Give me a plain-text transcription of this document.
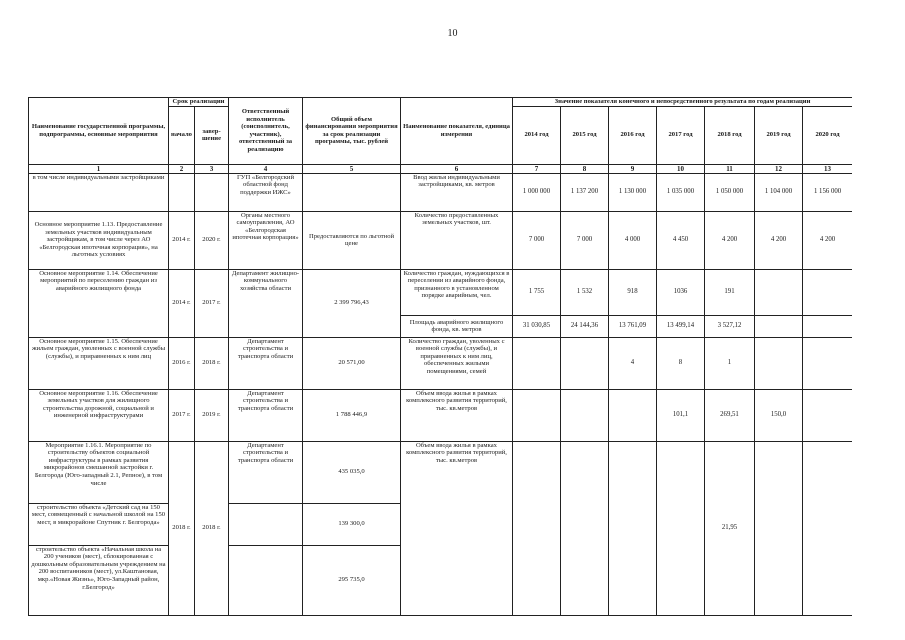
10
Наименование государственной программы, подпрограммы, основные мероприятия	Срок реализации		Ответственный исполнитель (соисполнитель, участник), ответственный за реализацию	Общий объем финансирования мероприятия за срок реализации программы, тыс. рублей	Наименование показателя, единица измерения	Значение показателя конечного и непосредственного результата по годам реализации						
	начало	завер-шение				2014 год	2015 год	2016 год	2017 год	2018 год	2019 год	2020 год
1	2	3	4	5	6	7	8	9	10	11	12	13
в том числе индивидуальными застройщиками			ГУП «Белгородский областной фонд поддержки ИЖС»		Ввод жилья индивидуальными застройщиками, кв. метров	1 000 000	1 137 200	1 130 000	1 035 000	1 050 000	1 104 000	1 156 000
Основное мероприятие 1.13. Предоставление земельных участков индивидуальным застройщикам, в том числе через АО «Белгородская ипотечная корпорация», на льготных условиях	2014 г.	2020 г.	Органы местного самоуправления, АО «Белгородская ипотечная корпорация»	Предоставляются по льготной цене	Количество предоставленных земельных участков, шт.	7 000	7 000	4 000	4 450	4 200	4 200	4 200
Основное мероприятие 1.14. Обеспечение мероприятий по переселению граждан из аварийного жилищного фонда	2014 г.	2017 г.	Департамент жилищно-коммунального хозяйства области	2 399 796,43	Количество граждан, нуждающихся в переселении из аварийного фонда, признанного в установленном порядке аварийным, чел.	1 755	1 532	918	1036	191		
					Площадь аварийного жилищного фонда, кв. метров	31 030,85	24 144,36	13 761,09	13 499,14	3 527,12		
Основное мероприятие 1.15. Обеспечение жильем граждан, уволенных с военной службы (службы), и приравненных к ним лиц	2016 г.	2018 г.	Департамент строительства и транспорта области	20 571,00	Количество граждан, уволенных с военной службы (службы), и приравненных к ним лиц, обеспеченных жилыми помещениями, семей			4	8	1		
Основное мероприятие 1.16. Обеспечение земельных участков для жилищного строительства дорожной, социальной и инженерной инфраструктурами	2017 г.	2019 г.	Департамент строительства и транспорта области	1 788 446,9	Объем ввода жилья в рамках комплексного развития территорий, тыс. кв.метров				101,1	269,51	150,0	
Мероприятие 1.16.1. Мероприятие по строительству объектов социальной инфраструктуры в рамках развития микрорайонов смешанной застройки г. Белгорода (Юго-западный 2.1, Репное), в том числе	2018 г.	2018 г.	Департамент строительства и транспорта области	435 035,0	Объем ввода жилья в рамках комплексного развития территорий, тыс. кв.метров					21,95		
строительство объекта «Детский сад на 150 мест, совмещенный с начальной школой на 150 мест, в микрорайоне Спутник г. Белгорода»				139 300,0								
строительство объекта «Начальная школа на 200 учеников (мест), сблокированная с дошкольным образовательным учреждением на 200 воспитанников (мест), ул.Каштановая, мкр.«Новая Жизнь», Юго-Западный район, г.Белгород»				295 735,0								
